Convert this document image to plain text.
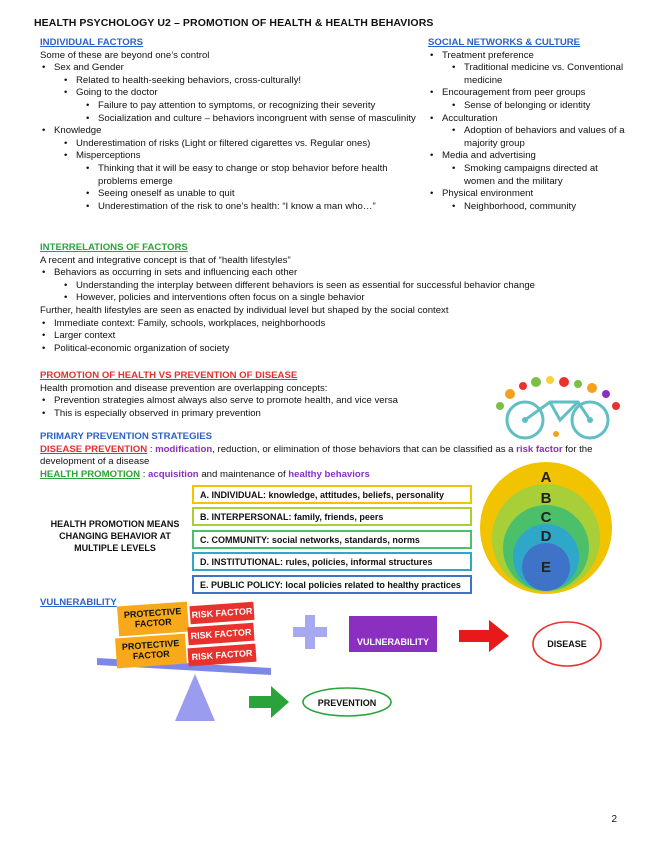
HEALTH PSYCHOLOGY U2 – PROMOTION OF HEALTH & HEALTH BEHAVIORS
INDIVIDUAL FACTORS
Some of these are beyond one’s control
• Sex and Gender
• Related to health-seeking behaviors, cross-culturally!
• Going to the doctor
• Failure to pay attention to symptoms, or recognizing their severity
• Socialization and culture – behaviors incongruent with sense of masculinity
• Knowledge
• Underestimation of risks (Light or filtered cigarettes vs. Regular ones)
• Misperceptions
• Thinking that it will be easy to change or stop behavior before health problems emerge
• Seeing oneself as unable to quit
• Underestimation of the risk to one’s health: “I know a man who…”
SOCIAL NETWORKS & CULTURE
• Treatment preference
• Traditional medicine vs. Conventional medicine
• Encouragement from peer groups
• Sense of belonging or identity
• Acculturation
• Adoption of behaviors and values of a majority group
• Media and advertising
• Smoking campaigns directed at women and the military
• Physical environment
• Neighborhood, community
INTERRELATIONS OF FACTORS
A recent and integrative concept is that of “health lifestyles”
• Behaviors as occurring in sets and influencing each other
• Understanding the interplay between different behaviors is seen as essential for successful behavior change
• However, policies and interventions often focus on a single behavior
Further, health lifestyles are seen as enacted by individual level but shaped by the social context
• Immediate context: Family, schools, workplaces, neighborhoods
• Larger context
• Political-economic organization of society
PROMOTION OF HEALTH VS PREVENTION OF DISEASE
Health promotion and disease prevention are overlapping concepts:
• Prevention strategies almost always also serve to promote health, and vice versa
• This is especially observed in primary prevention
PRIMARY PREVENTION STRATEGIES
DISEASE PREVENTION : modification, reduction, or elimination of those behaviors that can be classified as a risk factor for the development of a disease
HEALTH PROMOTION : acquisition and maintenance of healthy behaviors
HEALTH PROMOTION MEANS CHANGING BEHAVIOR AT MULTIPLE LEVELS
A. INDIVIDUAL: knowledge, attitudes, beliefs, personality
B. INTERPERSONAL: family, friends, peers
C. COMMUNITY: social networks, standards, norms
D. INSTITUTIONAL: rules, policies, informal structures
E. PUBLIC POLICY: local policies related to healthy practices
A
B
C
D
E
VULNERABILITY
PROTECTIVE FACTOR
RISK FACTOR
RISK FACTOR
PROTECTIVE FACTOR	RISK FACTOR
VULNERABILITY	DISEASE
PREVENTION
2
